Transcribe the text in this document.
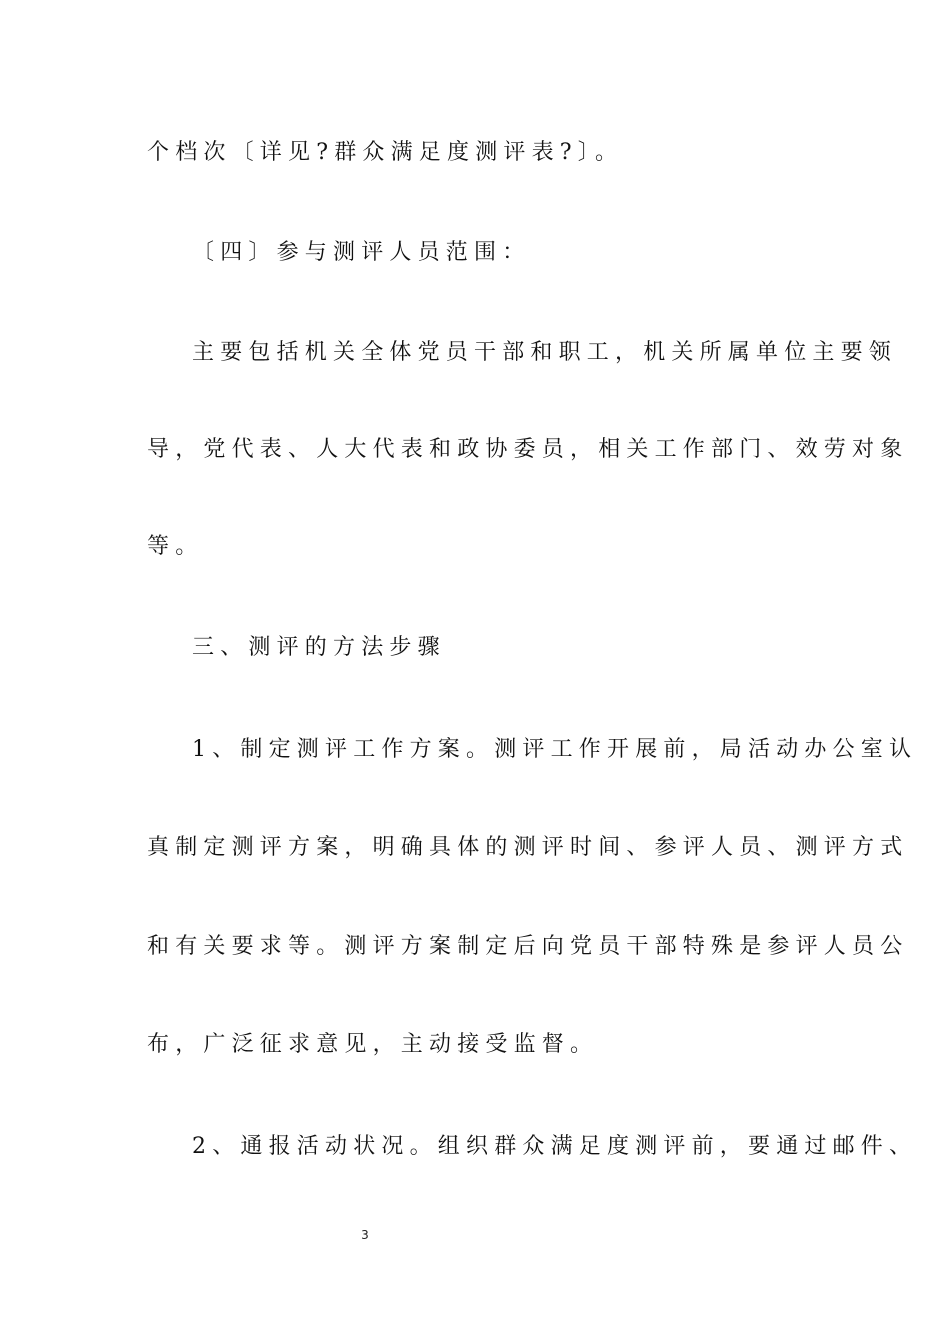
个档次〔详见?群众满足度测评表?〕。
〔四〕参与测评人员范围：
主要包括机关全体党员干部和职工，机关所属单位主要领
导，党代表、人大代表和政协委员，相关工作部门、效劳对象
等。
三、测评的方法步骤
1、制定测评工作方案。测评工作开展前，局活动办公室认
真制定测评方案，明确具体的测评时间、参评人员、测评方式
和有关要求等。测评方案制定后向党员干部特殊是参评人员公
布，广泛征求意见，主动接受监督。
2、通报活动状况。组织群众满足度测评前，要通过邮件、
3
